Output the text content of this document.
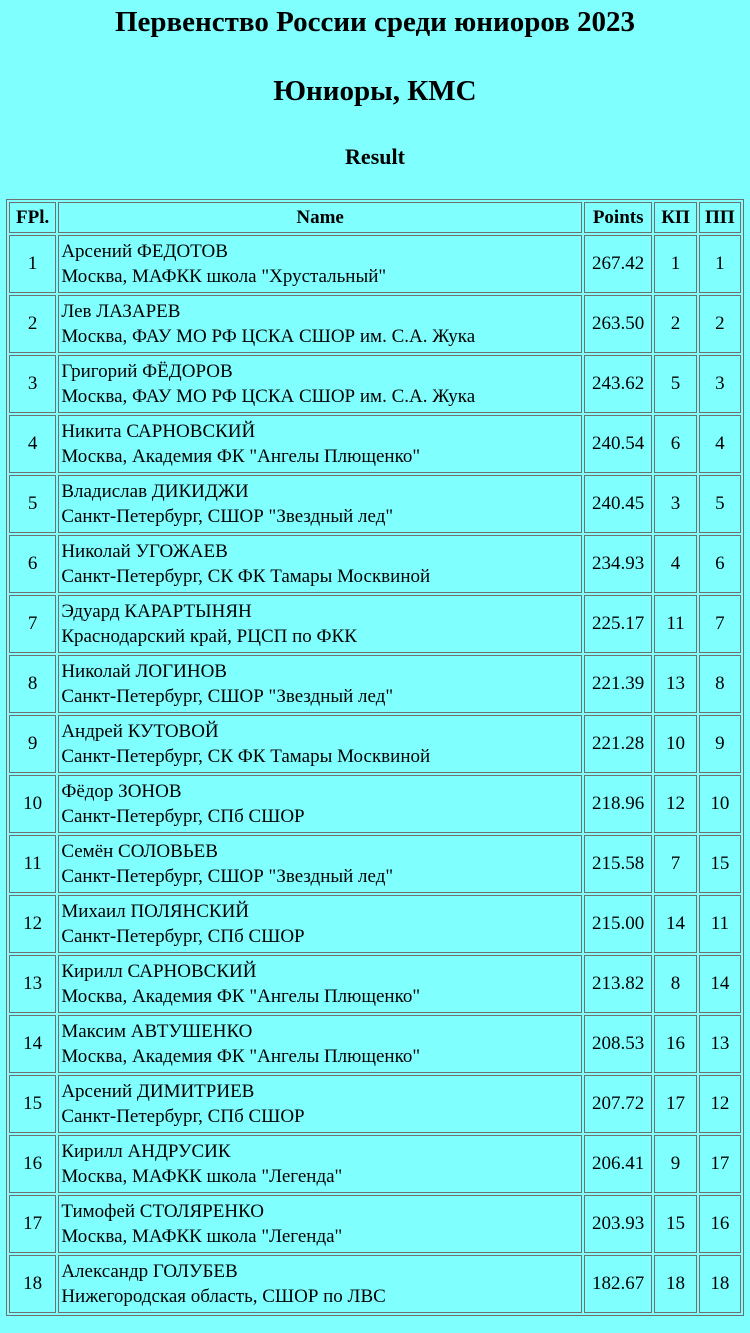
Первенство России среди юниоров 2023
Юниоры, КМС
Result
FPl.	Name	Points	КП	ПП
1	Арсений ФЕДОТОВ
Москва, МАФКК школа "Хрустальный"	267.42	1	1
2	Лев ЛАЗАРЕВ
Москва, ФАУ МО РФ ЦСКА СШОР им. С.А. Жука	263.50	2	2
3	Григорий ФЁДОРОВ
Москва, ФАУ МО РФ ЦСКА СШОР им. С.А. Жука	243.62	5	3
4	Никита САРНОВСКИЙ
Москва, Академия ФК "Ангелы Плющенко"	240.54	6	4
5	Владислав ДИКИДЖИ
Санкт-Петербург, СШОР "Звездный лед"	240.45	3	5
6	Николай УГОЖАЕВ
Санкт-Петербург, СК ФК Тамары Москвиной	234.93	4	6
7	Эдуард КАРАРТЫНЯН
Краснодарский край, РЦСП по ФКК	225.17	11	7
8	Николай ЛОГИНОВ
Санкт-Петербург, СШОР "Звездный лед"	221.39	13	8
9	Андрей КУТОВОЙ
Санкт-Петербург, СК ФК Тамары Москвиной	221.28	10	9
10	Фёдор ЗОНОВ
Санкт-Петербург, СПб СШОР	218.96	12	10
11	Семён СОЛОВЬЕВ
Санкт-Петербург, СШОР "Звездный лед"	215.58	7	15
12	Михаил ПОЛЯНСКИЙ
Санкт-Петербург, СПб СШОР	215.00	14	11
13	Кирилл САРНОВСКИЙ
Москва, Академия ФК "Ангелы Плющенко"	213.82	8	14
14	Максим АВТУШЕНКО
Москва, Академия ФК "Ангелы Плющенко"	208.53	16	13
15	Арсений ДИМИТРИЕВ
Санкт-Петербург, СПб СШОР	207.72	17	12
16	Кирилл АНДРУСИК
Москва, МАФКК школа "Легенда"	206.41	9	17
17	Тимофей СТОЛЯРЕНКО
Москва, МАФКК школа "Легенда"	203.93	15	16
18	Александр ГОЛУБЕВ
Нижегородская область, СШОР по ЛВС	182.67	18	18
